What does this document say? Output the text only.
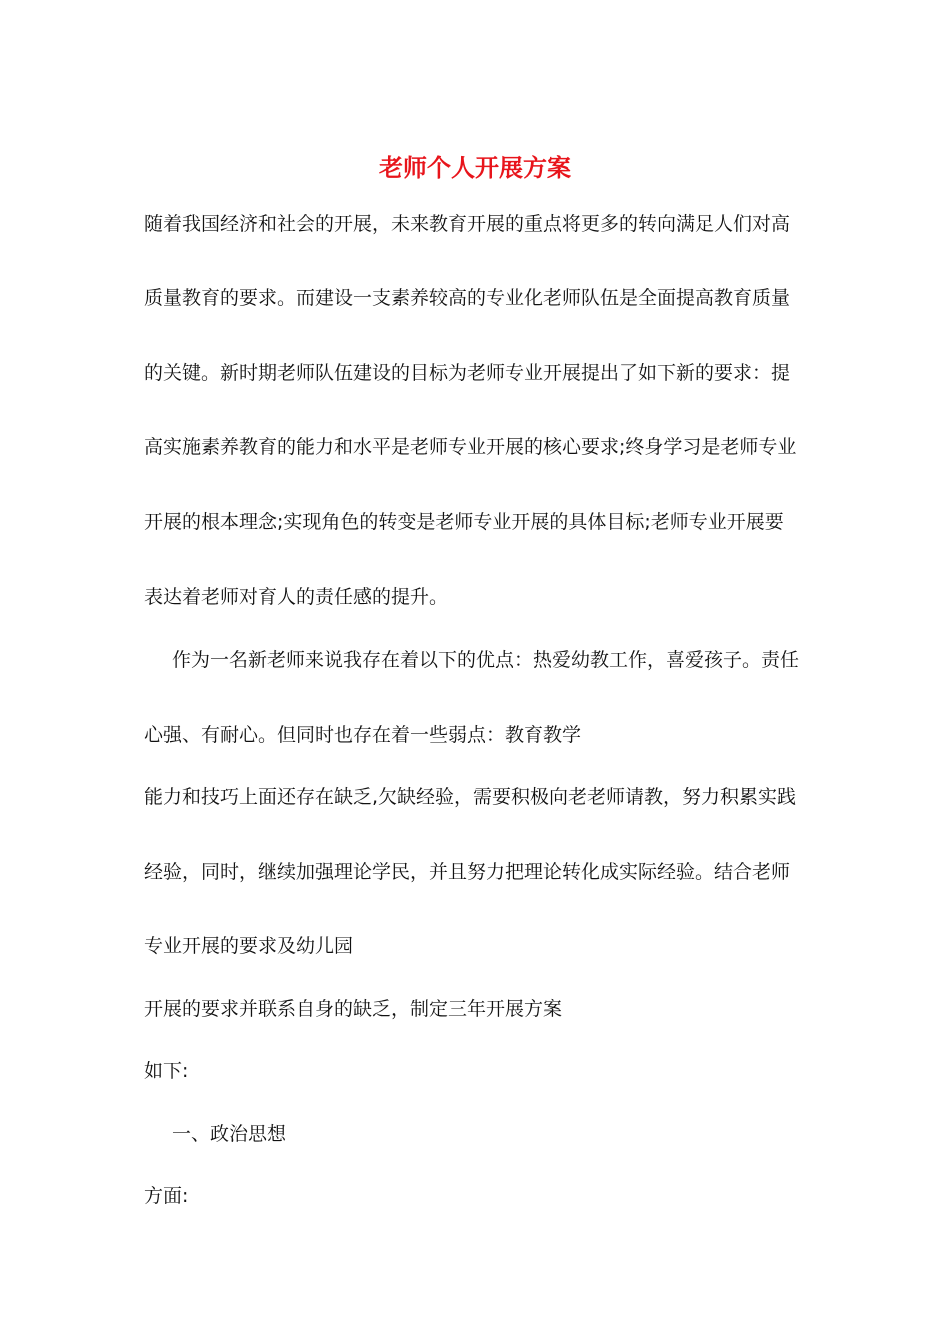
老师个人开展方案
随着我国经济和社会的开展，未来教育开展的重点将更多的转向满足人们对高
质量教育的要求。而建设一支素养较高的专业化老师队伍是全面提高教育质量
的关键。新时期老师队伍建设的目标为老师专业开展提出了如下新的要求：提
高实施素养教育的能力和水平是老师专业开展的核心要求;终身学习是老师专业
开展的根本理念;实现角色的转变是老师专业开展的具体目标;老师专业开展要
表达着老师对育人的责任感的提升。
作为一名新老师来说我存在着以下的优点：热爱幼教工作，喜爱孩子。责任
心强、有耐心。但同时也存在着一些弱点：教育教学
能力和技巧上面还存在缺乏,欠缺经验，需要积极向老老师请教，努力积累实践
经验，同时，继续加强理论学民，并且努力把理论转化成实际经验。结合老师
专业开展的要求及幼儿园
开展的要求并联系自身的缺乏，制定三年开展方案
如下:
一、政治思想
方面:
